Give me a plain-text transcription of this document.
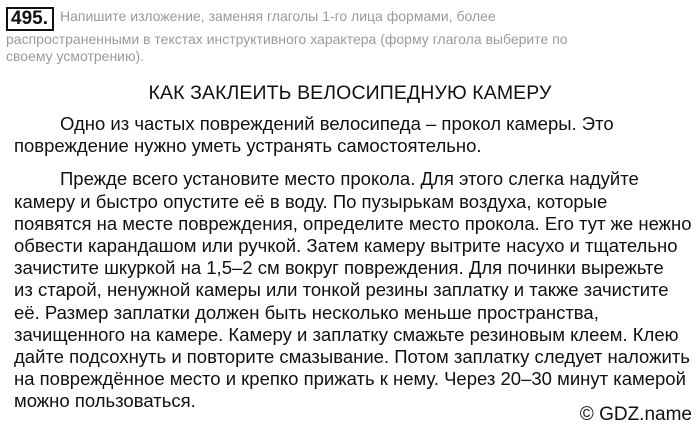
495. Напишите изложение, заменяя глаголы 1-го лица формами, более
распространенными в текстах инструктивного характера (форму глагола выберите по
своему усмотрению).
КАК ЗАКЛЕИТЬ ВЕЛОСИПЕДНУЮ КАМЕРУ
Одно из частых повреждений велосипеда – прокол камеры. Это
повреждение нужно уметь устранять самостоятельно.
Прежде всего установите место прокола. Для этого слегка надуйте
камеру и быстро опустите её в воду. По пузырькам воздуха, которые
появятся на месте повреждения, определите место прокола. Его тут же нежно
обвести карандашом или ручкой. Затем камеру вытрите насухо и тщательно
зачистите шкуркой на 1,5–2 см вокруг повреждения. Для починки вырежьте
из старой, ненужной камеры или тонкой резины заплатку и также зачистите
её. Размер заплатки должен быть несколько меньше пространства,
зачищенного на камере. Камеру и заплатку смажьте резиновым клеем. Клею
дайте подсохнуть и повторите смазывание. Потом заплатку следует наложить
на повреждённое место и крепко прижать к нему. Через 20–30 минут камерой
можно пользоваться.
© GDZ.name
